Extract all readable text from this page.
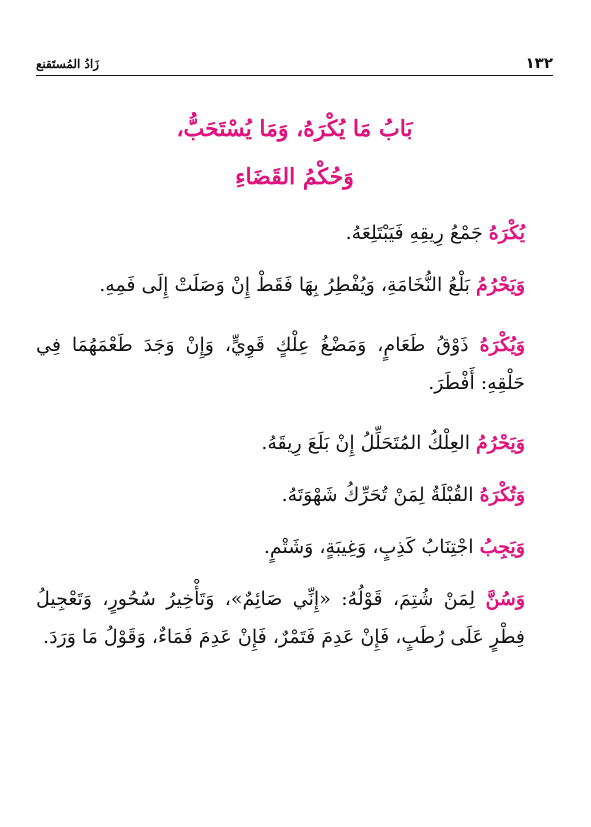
١٣٢
زَادُ المُستَقنع
بَابُ مَا يُكْرَهُ، وَمَا يُسْتَحَبُّ،
وَحُكْمُ القَضَاءِ

يُكْرَهُ جَمْعُ رِيقِهِ فَيَبْتَلِعَهُ.

وَيَحْرُمُ بَلْعُ النُّخَامَةِ، وَيُفْطِرُ بِهَا فَقَطْ إِنْ وَصَلَتْ إِلَى فَمِهِ.

وَيُكْرَهُ ذَوْقُ طَعَامٍ، وَمَضْغُ عِلْكٍ قَوِيٍّ، وَإِنْ وَجَدَ طَعْمَهُمَا فِي حَلْقِهِ: أَفْطَرَ.

وَيَحْرُمُ العِلْكُ المُتَحَلِّلُ إِنْ بَلَعَ رِيقَهُ.

وَتُكْرَهُ القُبْلَةُ لِمَنْ تُحَرِّكُ شَهْوَتَهُ.

وَيَجِبُ اجْتِنَابُ كَذِبٍ، وَغِيبَةٍ، وَشَتْمٍ.

وَسُنَّ لِمَنْ شُتِمَ، قَوْلُهُ: «إِنِّي صَائِمٌ»، وَتَأْخِيرُ سُحُورٍ، وَتَعْجِيلُ فِطْرٍ عَلَى رُطَبٍ، فَإِنْ عَدِمَ فَتَمْرٌ، فَإِنْ عَدِمَ فَمَاءٌ، وَقَوْلُ مَا وَرَدَ.
